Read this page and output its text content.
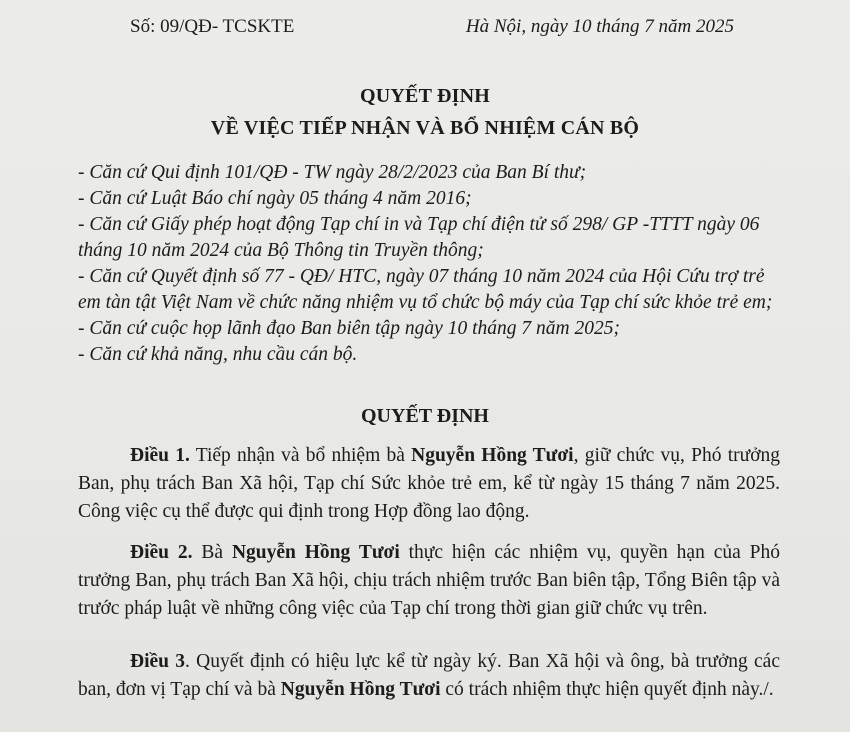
Số: 09/QĐ- TCSKTE	Hà Nội, ngày 10 tháng 7 năm 2025
QUYẾT ĐỊNH
VỀ VIỆC TIẾP NHẬN VÀ BỔ NHIỆM CÁN BỘ
- Căn cứ Qui định 101/QĐ - TW ngày 28/2/2023 của Ban Bí thư;
- Căn cứ Luật Báo chí ngày 05 tháng 4 năm 2016;
- Căn cứ Giấy phép hoạt động Tạp chí in và Tạp chí điện tử số 298/ GP -TTTT ngày 06 tháng 10 năm 2024 của Bộ Thông tin Truyền thông;
- Căn cứ Quyết định số 77 - QĐ/ HTC, ngày 07 tháng 10 năm 2024 của Hội Cứu trợ trẻ em tàn tật Việt Nam về chức năng nhiệm vụ tổ chức bộ máy của Tạp chí sức khỏe trẻ em;
- Căn cứ cuộc họp lãnh đạo Ban biên tập ngày 10 tháng 7 năm 2025;
- Căn cứ khả năng, nhu cầu cán bộ.
QUYẾT ĐỊNH
Điều 1. Tiếp nhận và bổ nhiệm bà Nguyễn Hồng Tươi, giữ chức vụ, Phó trưởng Ban, phụ trách Ban Xã hội, Tạp chí Sức khỏe trẻ em, kể từ ngày 15 tháng 7 năm 2025. Công việc cụ thể được qui định trong Hợp đồng lao động.
Điều 2. Bà Nguyễn Hồng Tươi thực hiện các nhiệm vụ, quyền hạn của Phó trưởng Ban, phụ trách Ban Xã hội, chịu trách nhiệm trước Ban biên tập, Tổng Biên tập và trước pháp luật về những công việc của Tạp chí trong thời gian giữ chức vụ trên.
Điều 3. Quyết định có hiệu lực kể từ ngày ký. Ban Xã hội và ông, bà trưởng các ban, đơn vị Tạp chí và bà Nguyễn Hồng Tươi có trách nhiệm thực hiện quyết định này./.
